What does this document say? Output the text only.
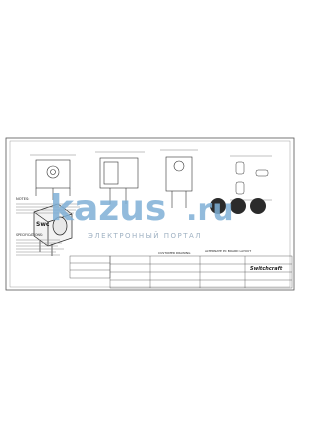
Swc
NOTES:
SPECIFICATIONS:
ALTERNATE PC BOARD LAYOUT
CUSTOMER DRAWING
Switchcraft
kazus .ru
ЭЛЕКТРОННЫЙ ПОРТАЛ
